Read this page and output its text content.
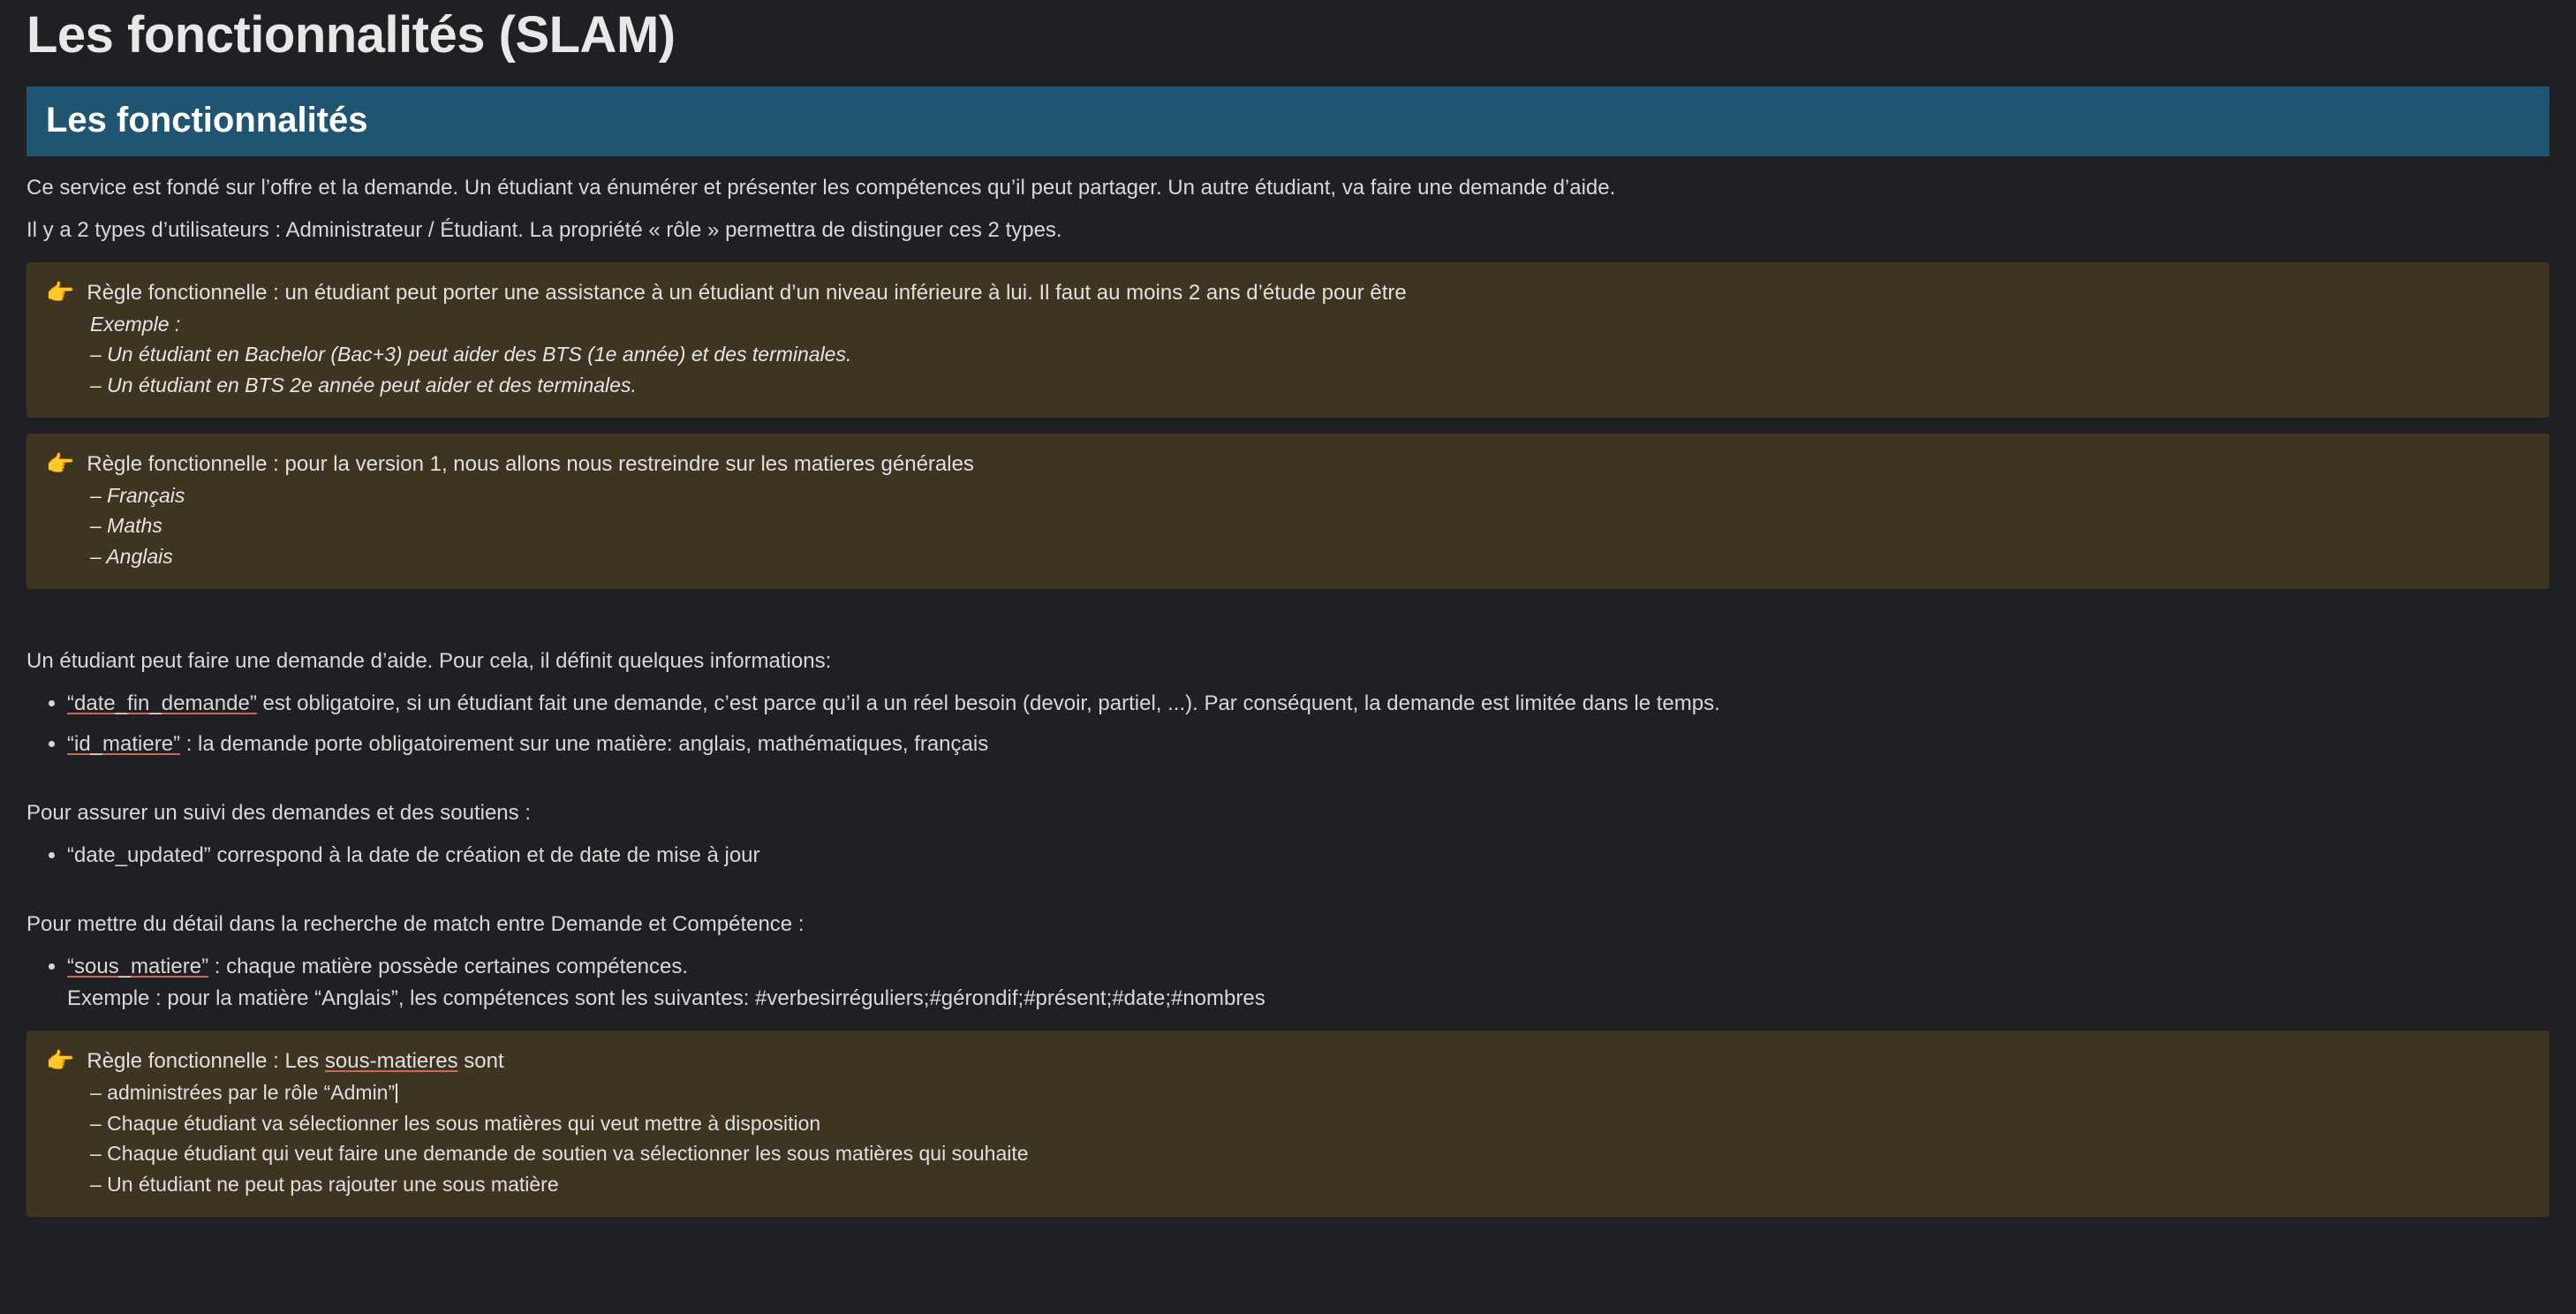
Les fonctionnalités (SLAM)
Les fonctionnalités

Ce service est fondé sur l’offre et la demande. Un étudiant va énumérer et présenter les compétences qu’il peut partager. Un autre étudiant, va faire une demande d’aide.

Il y a 2 types d’utilisateurs : Administrateur / Étudiant. La propriété « rôle » permettra de distinguer ces 2 types.

👉 Règle fonctionnelle : un étudiant peut porter une assistance à un étudiant d’un niveau inférieure à lui. Il faut au moins 2 ans d’étude pour être
Exemple :
– Un étudiant en Bachelor (Bac+3) peut aider des BTS (1e année) et des terminales.
– Un étudiant en BTS 2e année peut aider et des terminales.
👉 Règle fonctionnelle : pour la version 1, nous allons nous restreindre sur les matieres générales
– Français
– Maths
– Anglais

Un étudiant peut faire une demande d’aide. Pour cela, il définit quelques informations:

• “date_fin_demande” est obligatoire, si un étudiant fait une demande, c’est parce qu’il a un réel besoin (devoir, partiel, ...). Par conséquent, la demande est limitée dans le temps.
• “id_matiere” : la demande porte obligatoirement sur une matière: anglais, mathématiques, français

Pour assurer un suivi des demandes et des soutiens :

• “date_updated” correspond à la date de création et de date de mise à jour

Pour mettre du détail dans la recherche de match entre Demande et Compétence :

• “sous_matiere” : chaque matière possède certaines compétences.
Exemple : pour la matière “Anglais”, les compétences sont les suivantes: #verbesirréguliers;#gérondif;#présent;#date;#nombres
👉 Règle fonctionnelle : Les sous-matieres sont
– administrées par le rôle “Admin”
– Chaque étudiant va sélectionner les sous matières qui veut mettre à disposition
– Chaque étudiant qui veut faire une demande de soutien va sélectionner les sous matières qui souhaite
– Un étudiant ne peut pas rajouter une sous matière
